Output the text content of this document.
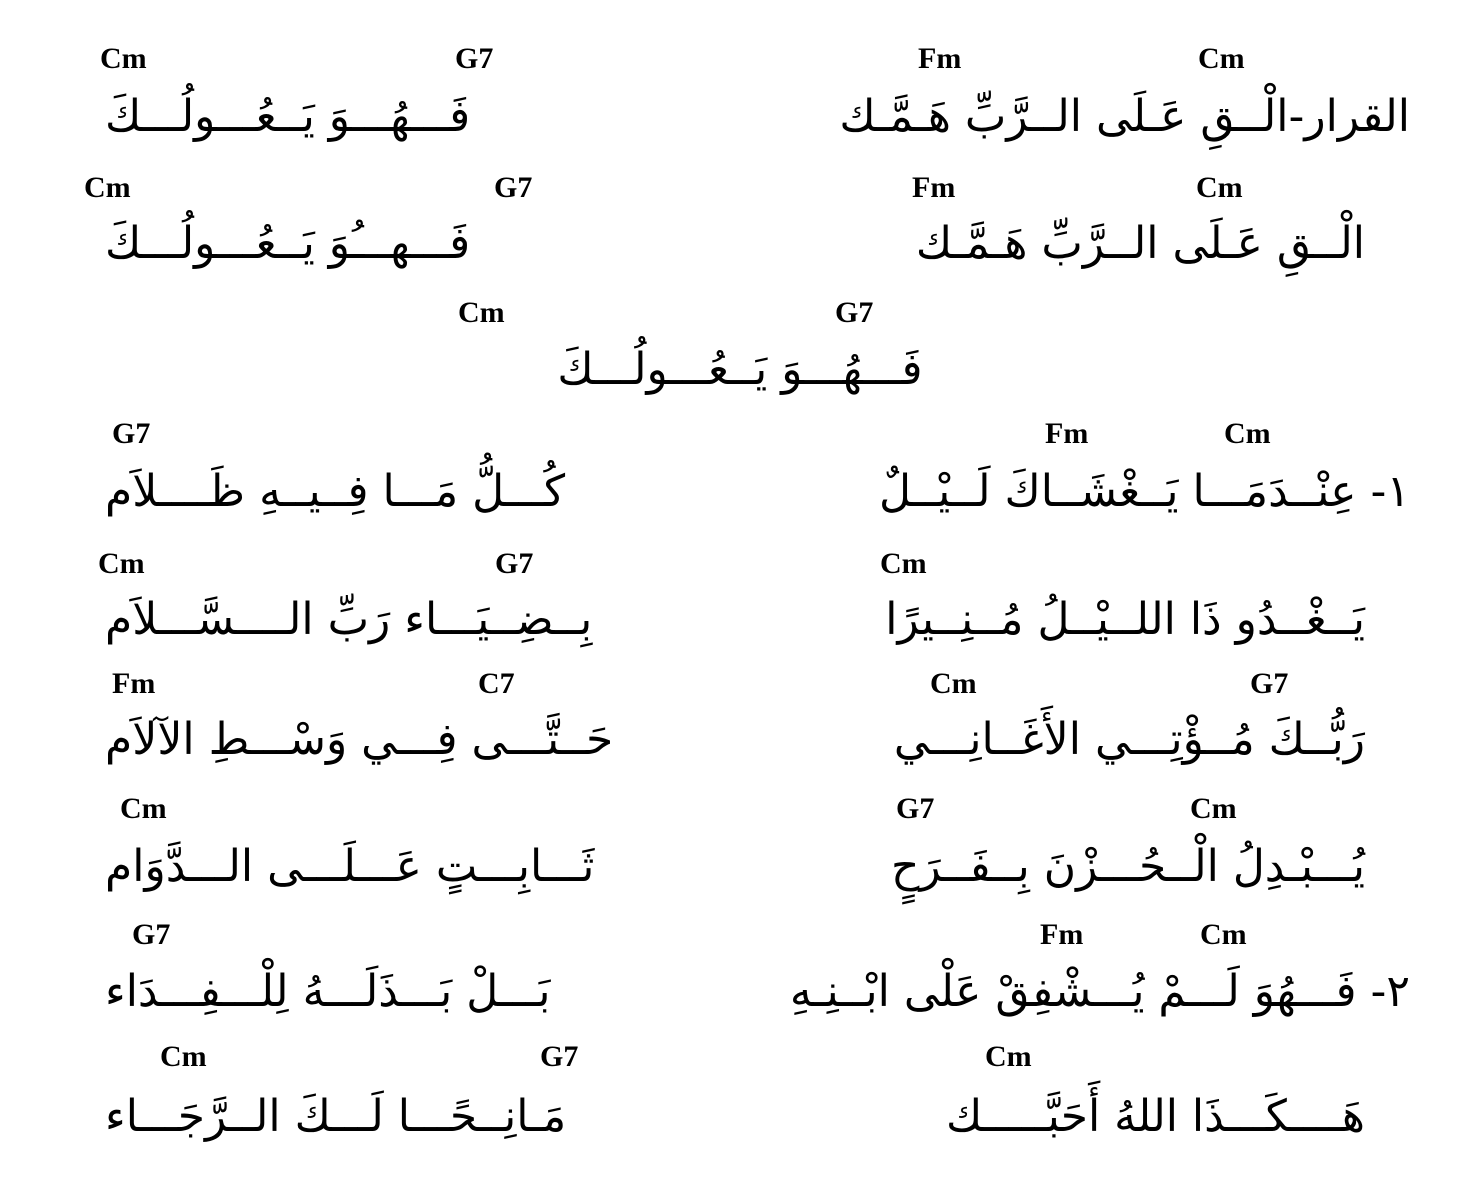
Cm	G7	Fm	Cm
فَـــهُـــوَ يَــعُـــولُـــكَ	القرار-الْــقِ عَـلَى الــرَّبِّ هَـمَّـك
Cm	G7	Fm	Cm
فَـــهـــُوَ يَــعُـــولُـــكَ	الْــقِ عَـلَى الــرَّبِّ هَـمَّـك
Cm	G7
فَـــهُـــوَ يَــعُـــولُـــكَ
G7	Fm	Cm
كُـــلُّ مَـــا فِــيــهِ ظَــــلاَم	١- عِنْــدَمَـــا يَــغْشَــاكَ لَــيْــلٌ
Cm	G7	Cm
بِــضِــيَـــاء رَبِّ الــــسَّـــلاَم	يَــغْــدُو ذَا اللــيْــلُ مُــنِــيرًا
Fm	C7	Cm	G7
حَــتَّـــى فِـــي وَسْـــطِ الآلاَم	رَبُّــكَ مُــؤْتِـــي الأَغَــانِـــي
Cm	G7	Cm
ثَـــابِـــتٍ عَـــلَـــى الـــدَّوَام	يُـــبْـدِلُ الْــحُـــزْنَ بِــفَــرَحٍ
G7	Fm	Cm
بَـــلْ بَـــذَلَـــهُ لِلْـــفِـــدَاء	٢- فَـــهُوَ لَـــمْ يُـــشْفِقْ عَلْى ابْــنِـهِ
Cm	G7	Cm
مَـانِــحًـــا لَـــكَ الــرَّجَـــاء	هَــــكَـــذَا اللهُ أَحَبَّـــــك
